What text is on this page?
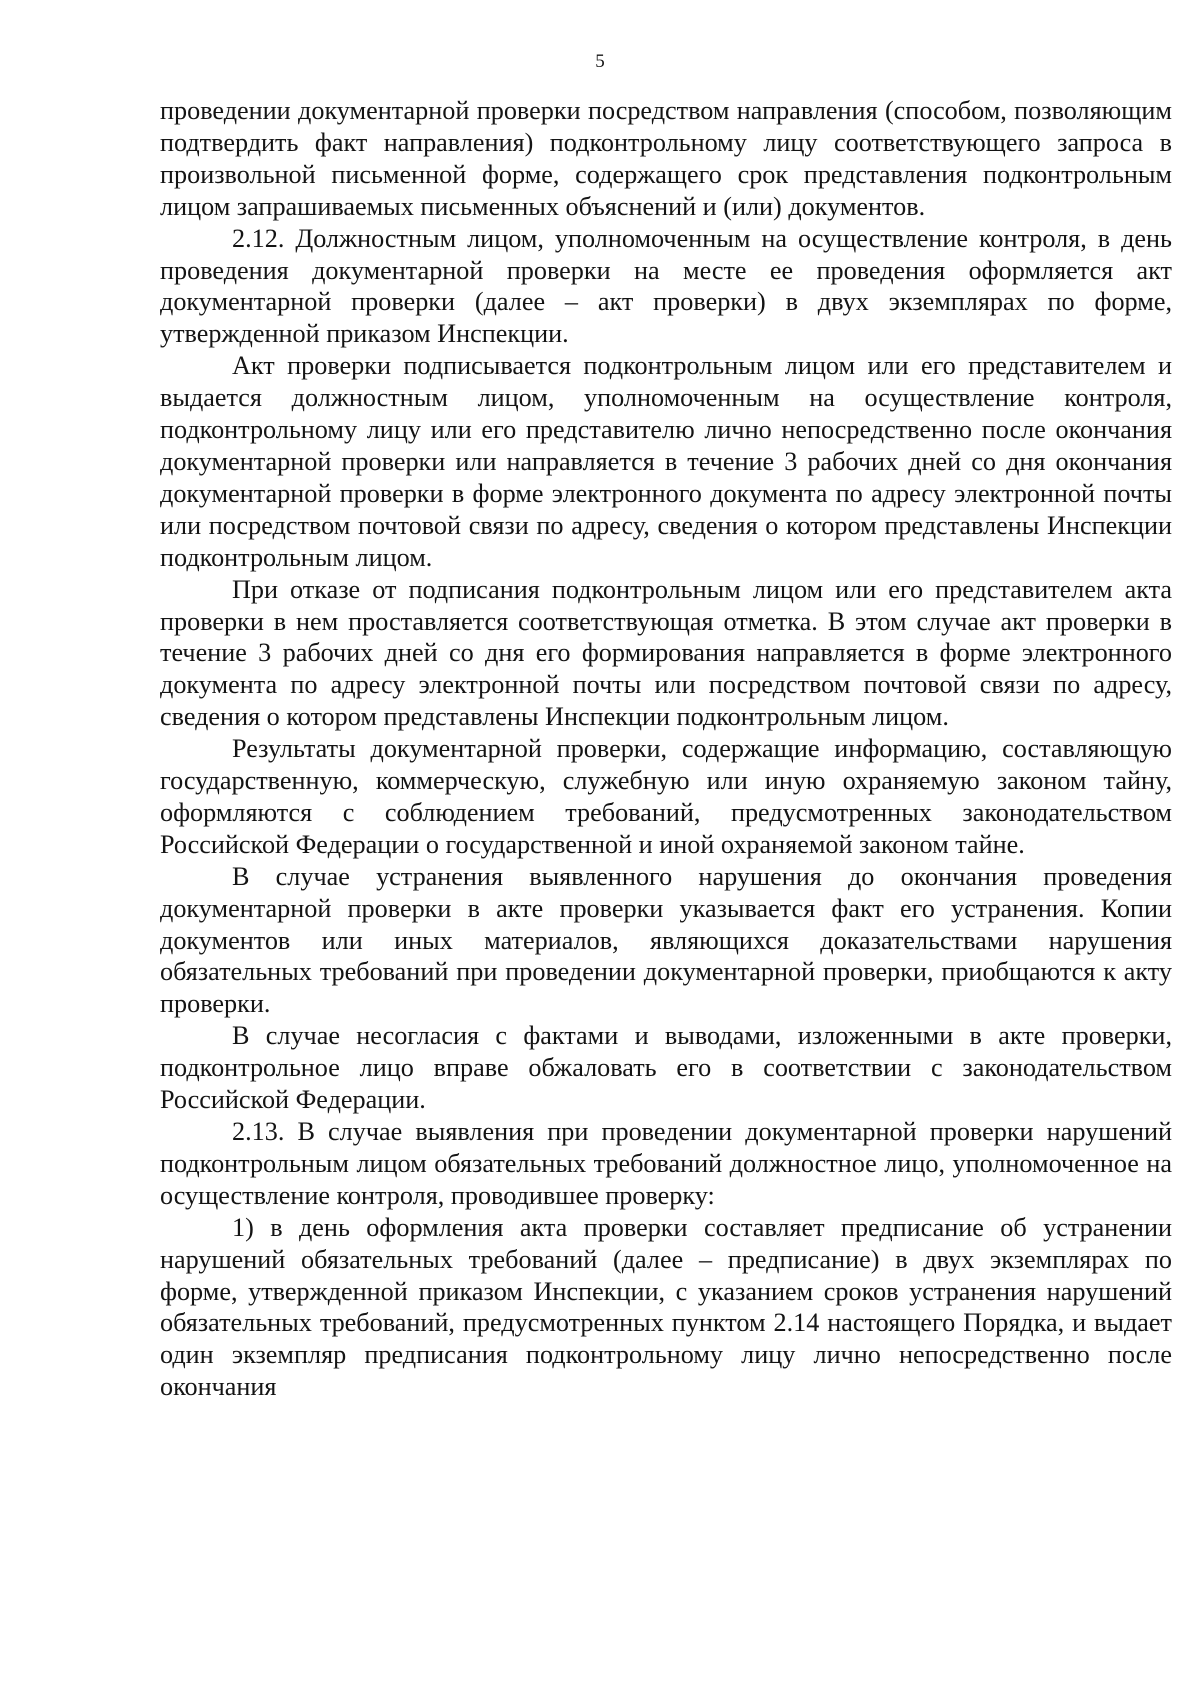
5

проведении документарной проверки посредством направления (способом, позволяющим подтвердить факт направления) подконтрольному лицу соответствующего запроса в произвольной письменной форме, содержащего срок представления подконтрольным лицом запрашиваемых письменных объяснений и (или) документов.

2.12. Должностным лицом, уполномоченным на осуществление контроля, в день проведения документарной проверки на месте ее проведения оформляется акт документарной проверки (далее – акт проверки) в двух экземплярах по форме, утвержденной приказом Инспекции.

Акт проверки подписывается подконтрольным лицом или его представителем и выдается должностным лицом, уполномоченным на осуществление контроля, подконтрольному лицу или его представителю лично непосредственно после окончания документарной проверки или направляется в течение 3 рабочих дней со дня окончания документарной проверки в форме электронного документа по адресу электронной почты или посредством почтовой связи по адресу, сведения о котором представлены Инспекции подконтрольным лицом.

При отказе от подписания подконтрольным лицом или его представителем акта проверки в нем проставляется соответствующая отметка. В этом случае акт проверки в течение 3 рабочих дней со дня его формирования направляется в форме электронного документа по адресу электронной почты или посредством почтовой связи по адресу, сведения о котором представлены Инспекции подконтрольным лицом.

Результаты документарной проверки, содержащие информацию, составляющую государственную, коммерческую, служебную или иную охраняемую законом тайну, оформляются с соблюдением требований, предусмотренных законодательством Российской Федерации о государственной и иной охраняемой законом тайне.

В случае устранения выявленного нарушения до окончания проведения документарной проверки в акте проверки указывается факт его устранения. Копии документов или иных материалов, являющихся доказательствами нарушения обязательных требований при проведении документарной проверки, приобщаются к акту проверки.

В случае несогласия с фактами и выводами, изложенными в акте проверки, подконтрольное лицо вправе обжаловать его в соответствии с законодательством Российской Федерации.

2.13. В случае выявления при проведении документарной проверки нарушений подконтрольным лицом обязательных требований должностное лицо, уполномоченное на осуществление контроля, проводившее проверку:

1) в день оформления акта проверки составляет предписание об устранении нарушений обязательных требований (далее – предписание) в двух экземплярах по форме, утвержденной приказом Инспекции, с указанием сроков устранения нарушений обязательных требований, предусмотренных пунктом 2.14 настоящего Порядка, и выдает один экземпляр предписания подконтрольному лицу лично непосредственно после окончания
